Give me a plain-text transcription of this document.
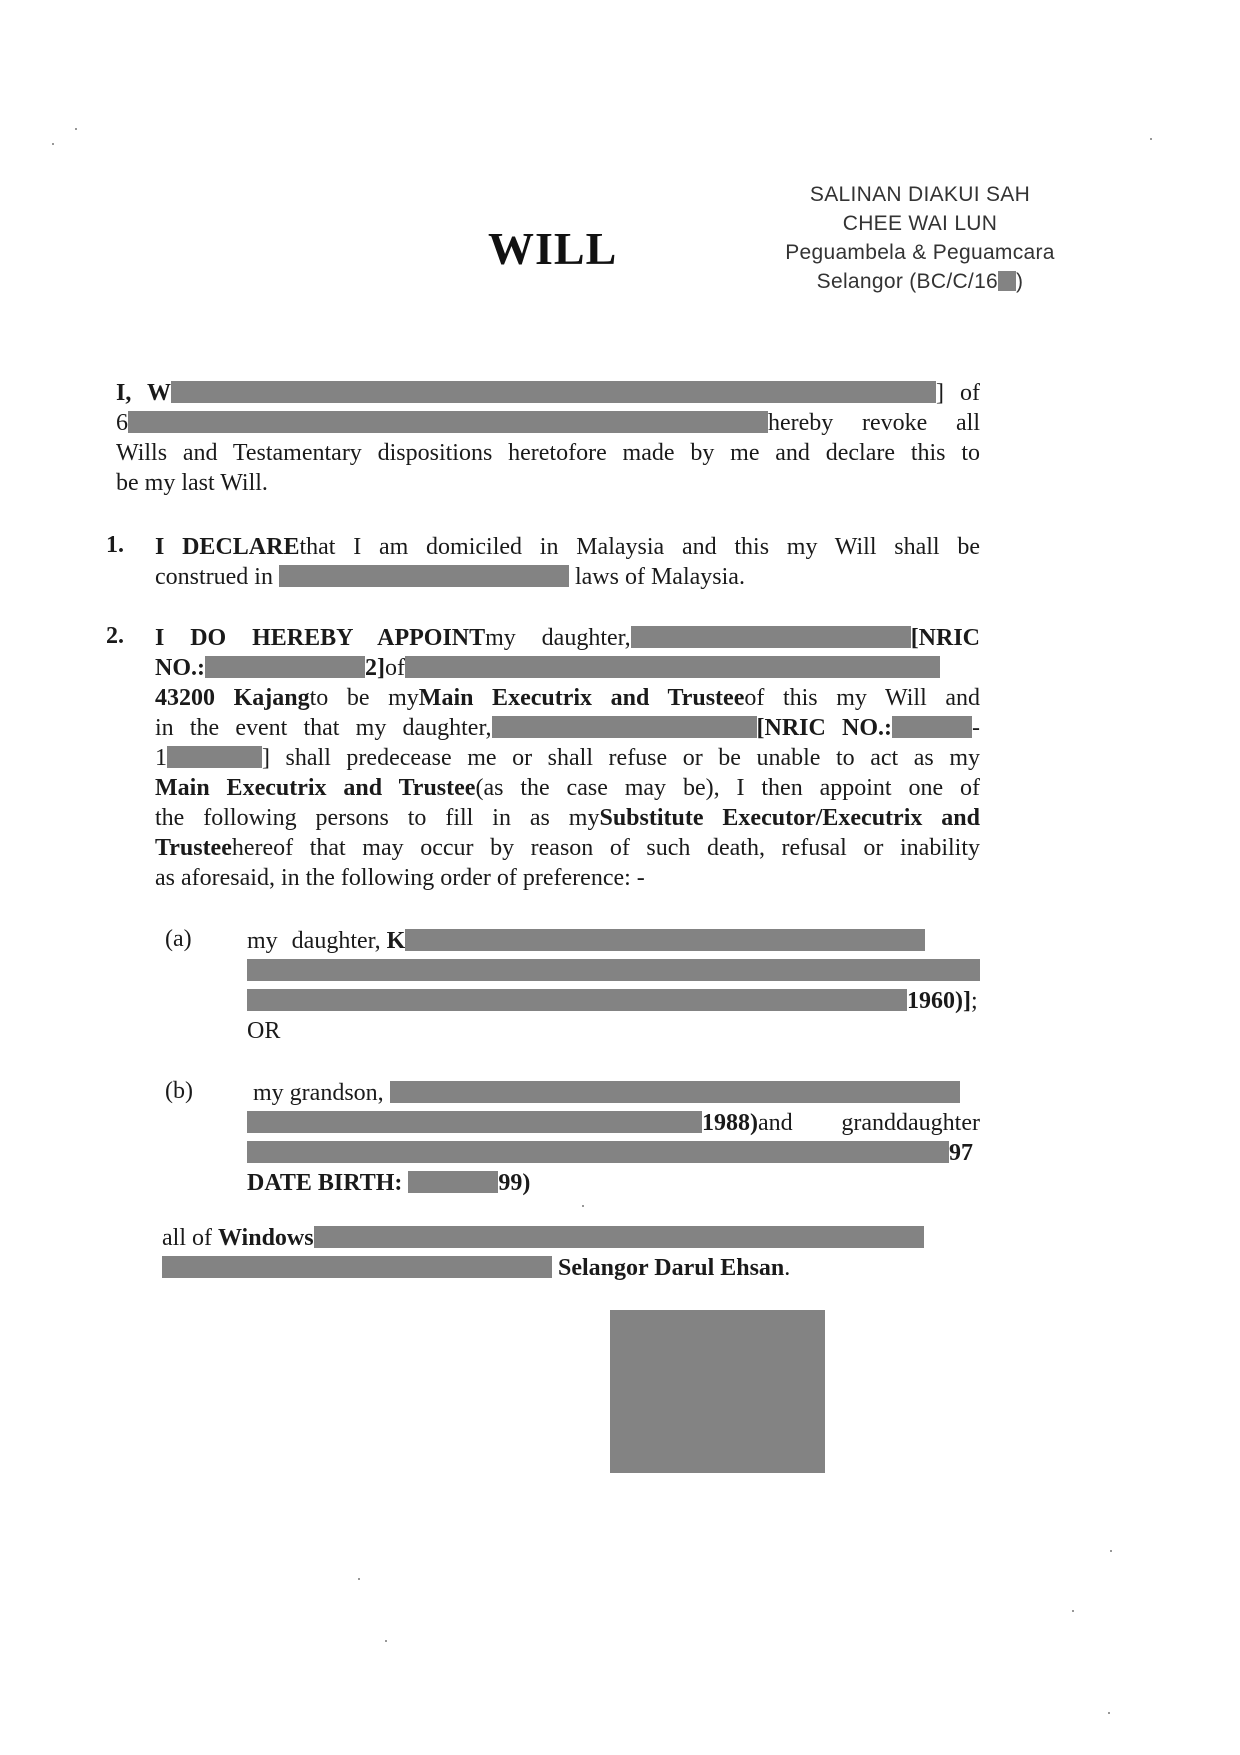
SALINAN DIAKUI SAH
CHEE WAI LUN
Peguambela & Peguamcara
Selangor (BC/C/16 )
WILL
I, W	] of
6	hereby revoke all
Wills and Testamentary dispositions heretofore made by me and declare this to
be my last Will.
1. I DECLAREthat I am domiciled in Malaysia and this my Will shall be
construed in	laws of Malaysia.
2. I DO HEREBY APPOINTmy daughter,	[NRIC
NO.:	2]of
43200 Kajangto be myMain Executrix and Trusteeof this my Will and
in the event that my daughter,	[NRIC NO.:	-
1	] shall predecease me or shall refuse or be unable to act as my
Main Executrix and Trustee(as the case may be), I then appoint one of
the following persons to fill in as mySubstitute Executor/Executrix and
Trusteehereof that may occur by reason of such death, refusal or inability
as aforesaid, in the following order of preference: -
(a) my daughter, K
1960)];
OR
(b)	my grandson,
1988)and granddaughter
97
DATE BIRTH:	99)
all of Windows
Selangor Darul Ehsan.
